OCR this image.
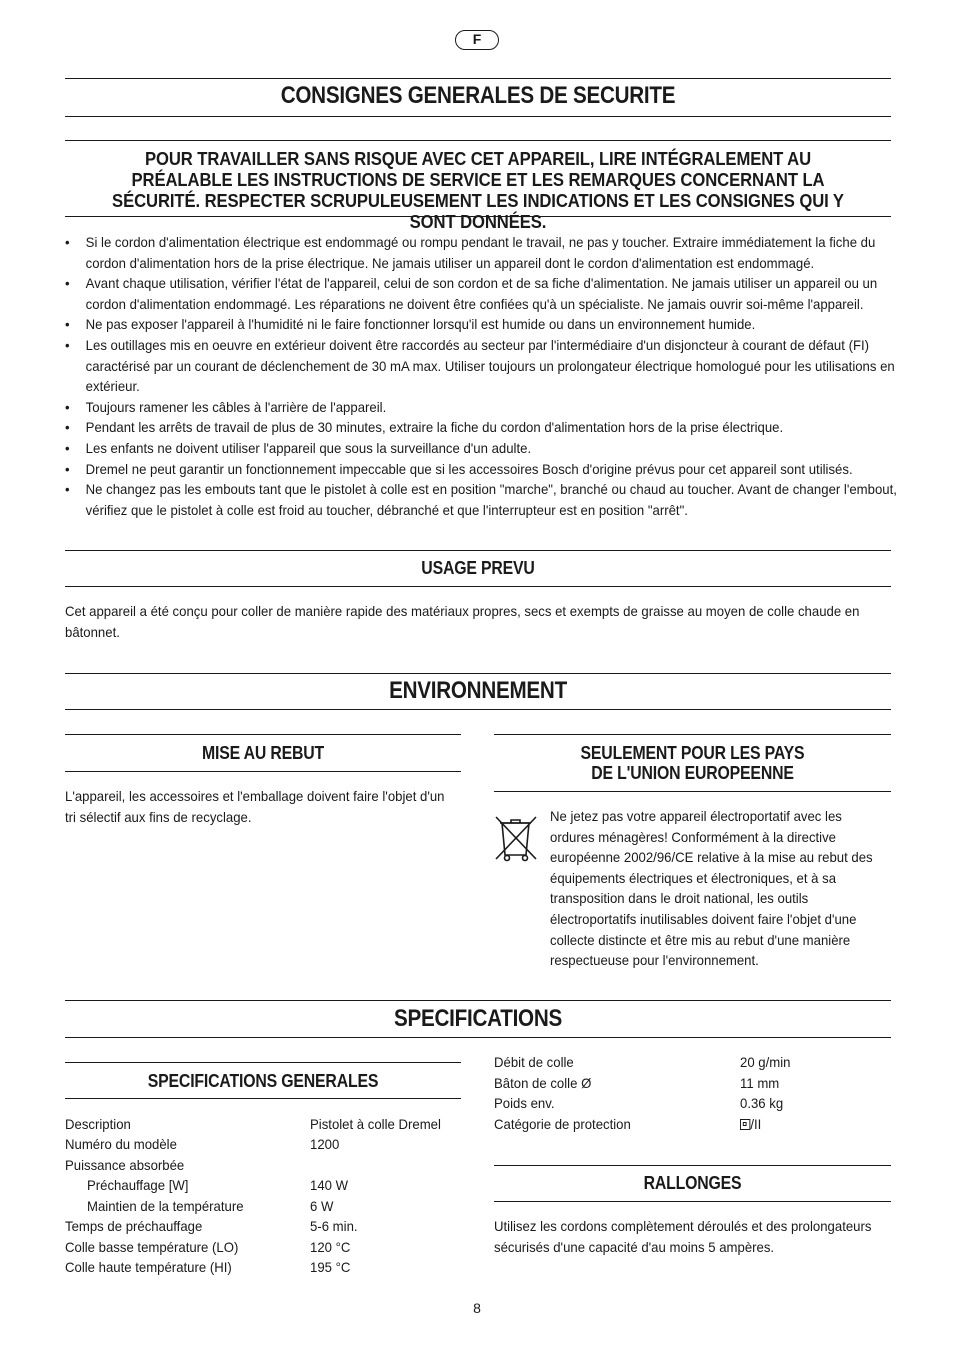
F
CONSIGNES GENERALES DE SECURITE
POUR TRAVAILLER SANS RISQUE AVEC CET APPAREIL, LIRE INTÉGRALEMENT AU PRÉALABLE LES INSTRUCTIONS DE SERVICE ET LES REMARQUES CONCERNANT LA SÉCURITÉ. RESPECTER SCRUPULEUSEMENT LES INDICATIONS ET LES CONSIGNES QUI Y SONT DONNÉES.
• Si le cordon d'alimentation électrique est endommagé ou rompu pendant le travail, ne pas y toucher. Extraire immédiatement la fiche du cordon d'alimentation hors de la prise électrique. Ne jamais utiliser un appareil dont le cordon d'alimentation est endommagé.
• Avant chaque utilisation, vérifier l'état de l'appareil, celui de son cordon et de sa fiche d'alimentation. Ne jamais utiliser un appareil ou un cordon d'alimentation endommagé. Les réparations ne doivent être confiées qu'à un spécialiste. Ne jamais ouvrir soi-même l'appareil.
• Ne pas exposer l'appareil à l'humidité ni le faire fonctionner lorsqu'il est humide ou dans un environnement humide.
• Les outillages mis en oeuvre en extérieur doivent être raccordés au secteur par l'intermédiaire d'un disjoncteur à courant de défaut (FI) caractérisé par un courant de déclenchement de 30 mA max. Utiliser toujours un prolongateur électrique homologué pour les utilisations en extérieur.
• Toujours ramener les câbles à l'arrière de l'appareil.
• Pendant les arrêts de travail de plus de 30 minutes, extraire la fiche du cordon d'alimentation hors de la prise électrique.
• Les enfants ne doivent utiliser l'appareil que sous la surveillance d'un adulte.
• Dremel ne peut garantir un fonctionnement impeccable que si les accessoires Bosch d'origine prévus pour cet appareil sont utilisés.
• Ne changez pas les embouts tant que le pistolet à colle est en position "marche", branché ou chaud au toucher. Avant de changer l'embout, vérifiez que le pistolet à colle est froid au toucher, débranché et que l'interrupteur est en position "arrêt".
USAGE PREVU
Cet appareil a été conçu pour coller de manière rapide des matériaux propres, secs et exempts de graisse au moyen de colle chaude en bâtonnet.
ENVIRONNEMENT
MISE AU REBUT
L'appareil, les accessoires et l'emballage doivent faire l'objet d'un tri sélectif aux fins de recyclage.
SEULEMENT POUR LES PAYS
DE L'UNION EUROPEENNE
Ne jetez pas votre appareil électroportatif avec les ordures ménagères! Conformément à la directive européenne 2002/96/CE relative à la mise au rebut des équipements électriques et électroniques, et à sa transposition dans le droit national, les outils électroportatifs inutilisables doivent faire l'objet d'une collecte distincte et être mis au rebut d'une manière respectueuse pour l'environnement.
SPECIFICATIONS
SPECIFICATIONS GENERALES
Description	Pistolet à colle Dremel
Numéro du modèle	1200
Puissance absorbée
Préchauffage [W]	140 W
Maintien de la température	6 W
Temps de préchauffage	5-6 min.
Colle basse température (LO)	120 °C
Colle haute température (HI)	195 °C
Débit de colle	20 g/min
Bâton de colle Ø	11 mm
Poids env.	0.36 kg
Catégorie de protection	/II
RALLONGES
Utilisez les cordons complètement déroulés et des prolongateurs sécurisés d'une capacité d'au moins 5 ampères.
8
